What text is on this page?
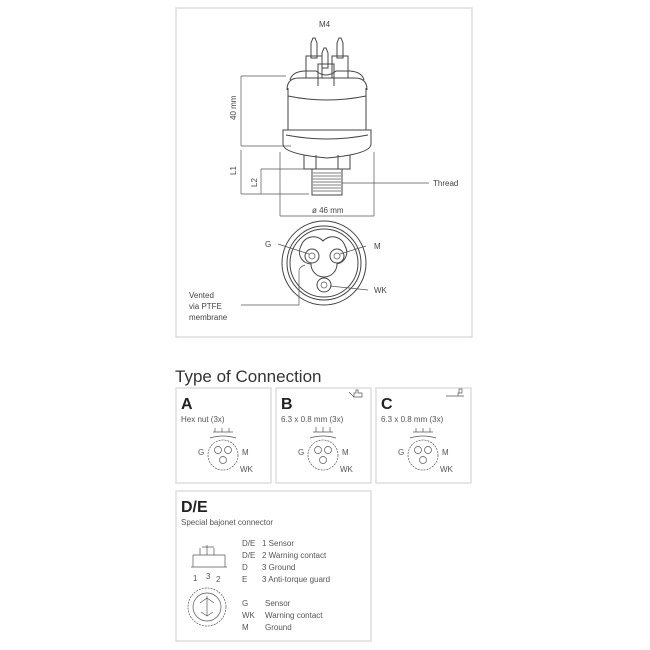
M4
40 mm
L1
L2	Thread
ø 46 mm
G	M
WK
Vented
via PTFE
membrane
Type of Connection
A
Hex nut (3x)
G	M
WK
B
6.3 x 0.8 mm (3x)
G	M
WK
C
6.3 x 0.8 mm (3x)
G	M
WK
D/E
Special bajonet connector
1 3 2
D/E 1 Sensor
D/E 2 Warning contact
D 3 Ground
E 3 Anti-torque guard
G Sensor
WK Warning contact
M Ground
